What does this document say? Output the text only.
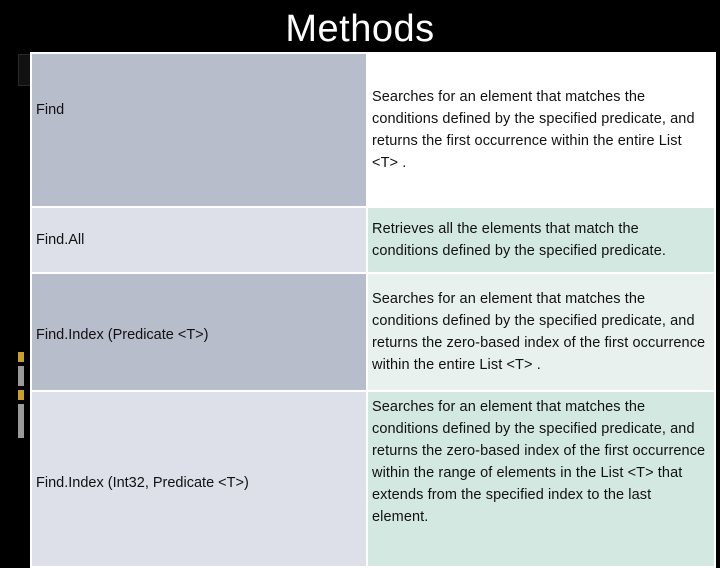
Methods
Find	Searches for an element that matches the conditions defined by the specified predicate, and returns the first occurrence within the entire List <T> .
Find.All	Retrieves all the elements that match the conditions defined by the specified predicate.
Find.Index (Predicate <T>)	Searches for an element that matches the conditions defined by the specified predicate, and returns the zero-based index of the first occurrence within the entire List <T> .
Find.Index (Int32, Predicate <T>)	Searches for an element that matches the conditions defined by the specified predicate, and returns the zero-based index of the first occurrence within the range of elements in the List <T> that extends from the specified index to the last element.
